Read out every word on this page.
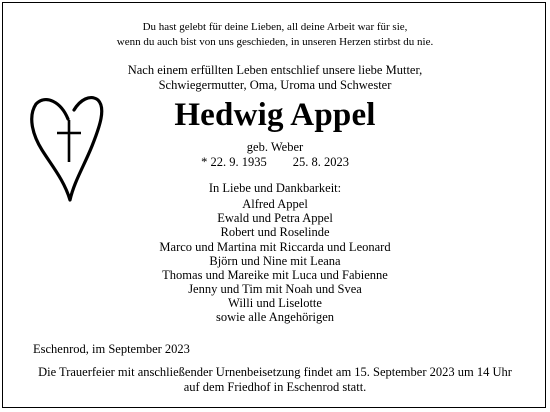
Du hast gelebt für deine Lieben, all deine Arbeit war für sie,
wenn du auch bist von uns geschieden, in unseren Herzen stirbst du nie.
Nach einem erfüllten Leben entschlief unsere liebe Mutter,
Schwiegermutter, Oma, Uroma und Schwester
Hedwig Appel
geb. Weber
* 22. 9. 1935 25. 8. 2023
In Liebe und Dankbarkeit:
Alfred Appel
Ewald und Petra Appel
Robert und Roselinde
Marco und Martina mit Riccarda und Leonard
Björn und Nine mit Leana
Thomas und Mareike mit Luca und Fabienne
Jenny und Tim mit Noah und Svea
Willi und Liselotte
sowie alle Angehörigen
Eschenrod, im September 2023
Die Trauerfeier mit anschließender Urnenbeisetzung findet am 15. September 2023 um 14 Uhr
auf dem Friedhof in Eschenrod statt.
